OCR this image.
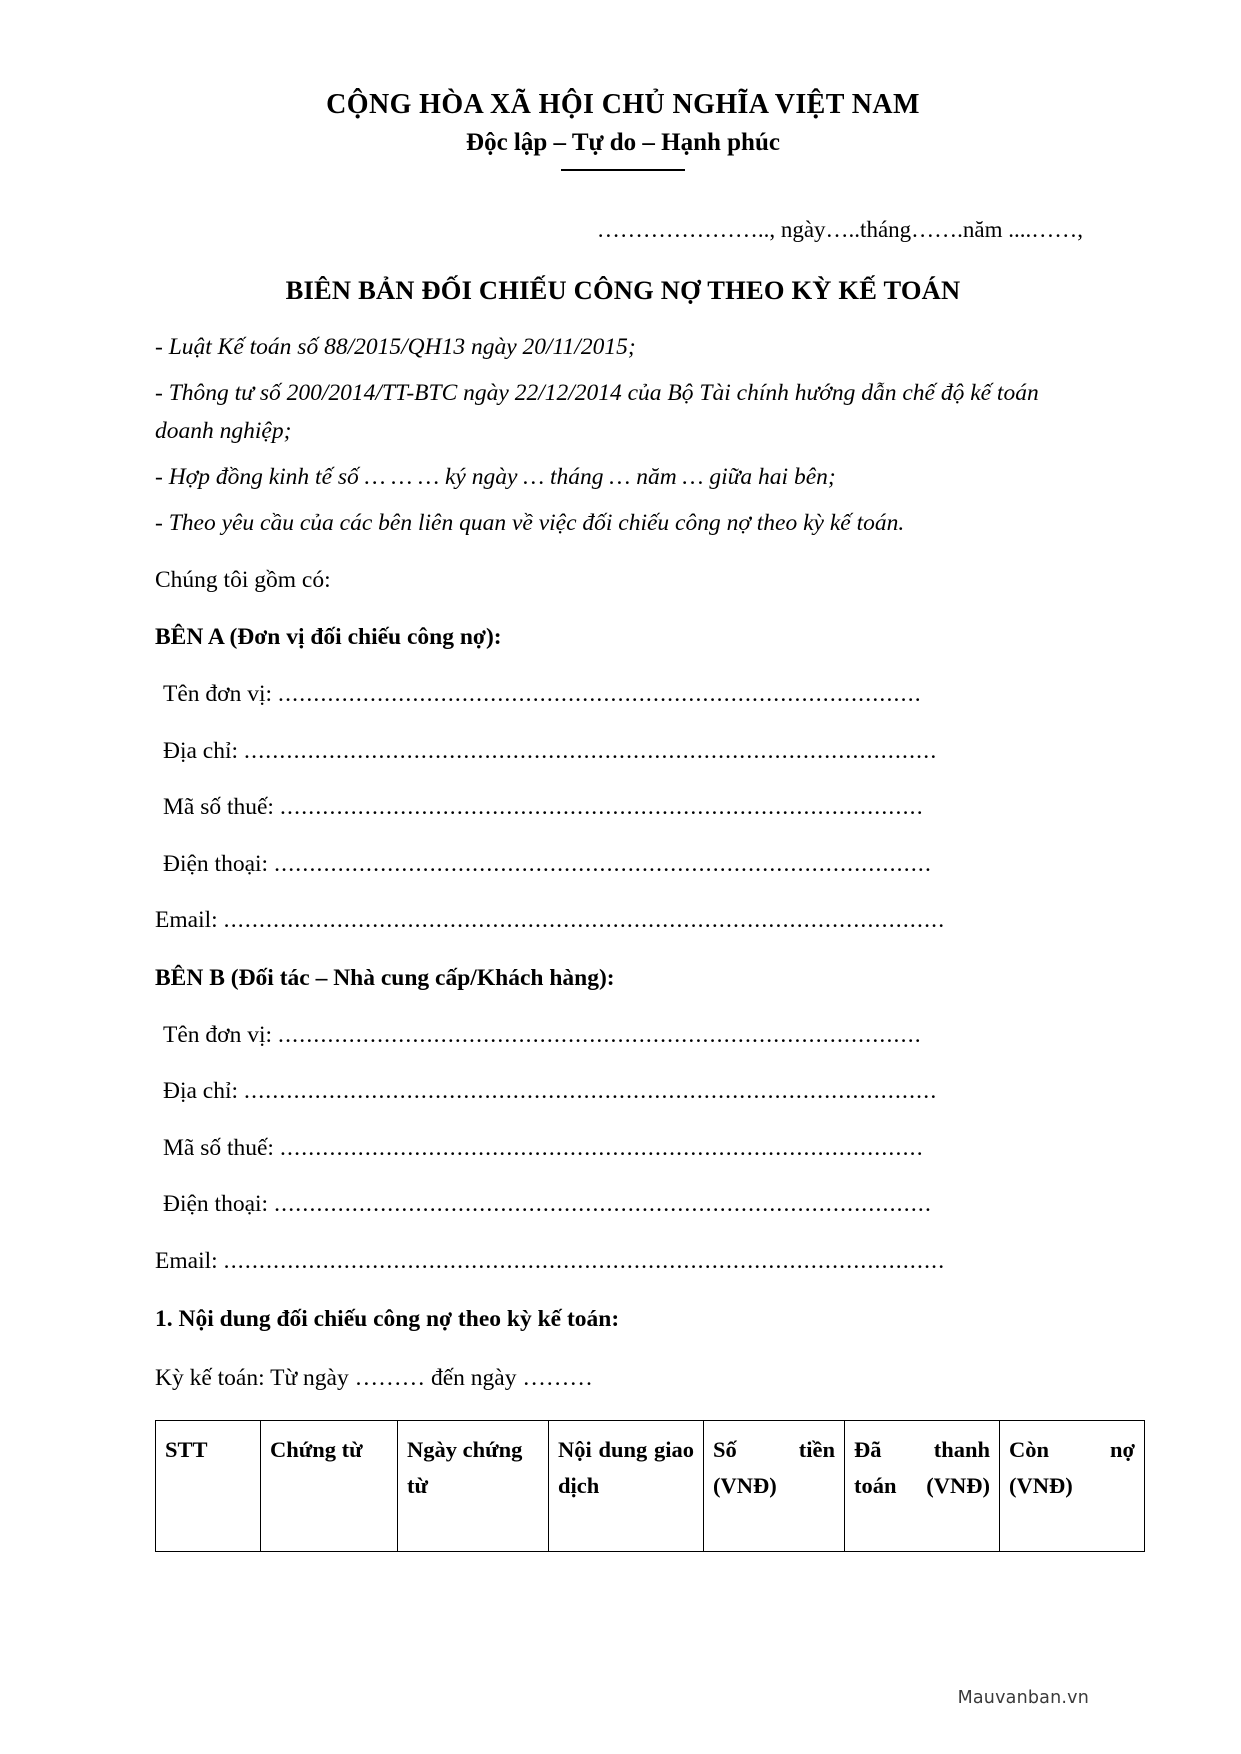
CỘNG HÒA XÃ HỘI CHỦ NGHĨA VIỆT NAM
Độc lập – Tự do – Hạnh phúc
………………….., ngày…..tháng…….năm ....……,
BIÊN BẢN ĐỐI CHIẾU CÔNG NỢ THEO KỲ KẾ TOÁN

- Luật Kế toán số 88/2015/QH13 ngày 20/11/2015;

- Thông tư số 200/2014/TT-BTC ngày 22/12/2014 của Bộ Tài chính hướng dẫn chế độ kế toán doanh nghiệp;

- Hợp đồng kinh tế số … … … ký ngày … tháng … năm … giữa hai bên;

- Theo yêu cầu của các bên liên quan về việc đối chiếu công nợ theo kỳ kế toán.

Chúng tôi gồm có:
BÊN A (Đơn vị đối chiếu công nợ):
Tên đơn vị: ...........................................................................................
Địa chỉ: ..................................................................................................
Mã số thuế: ...........................................................................................
Điện thoại: .............................................................................................
Email: ......................................................................................................
BÊN B (Đối tác – Nhà cung cấp/Khách hàng):
Tên đơn vị: ...........................................................................................
Địa chỉ: ..................................................................................................
Mã số thuế: ...........................................................................................
Điện thoại: .............................................................................................
Email: ......................................................................................................
1. Nội dung đối chiếu công nợ theo kỳ kế toán:
Kỳ kế toán: Từ ngày ……… đến ngày ………
STT	Chứng từ	Ngày chứng từ	Nội dung giao dịch	Số tiền (VNĐ)	Đã thanh toán (VNĐ)	Còn nợ (VNĐ)
Mauvanban.vn
